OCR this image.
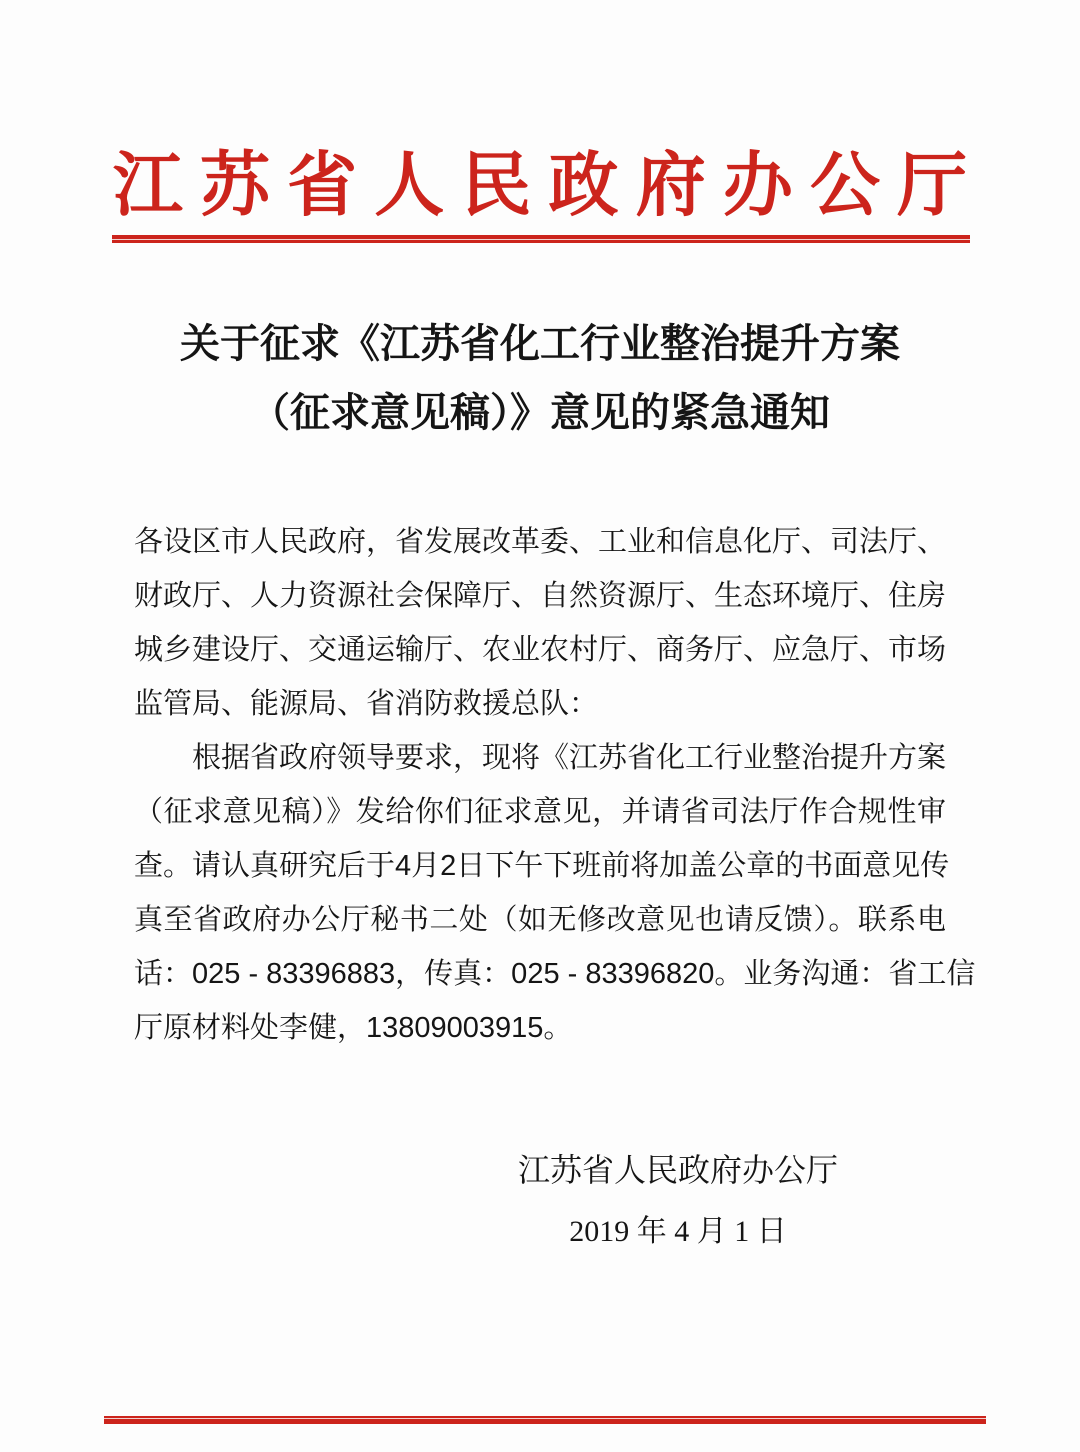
江苏省人民政府办公厅
关于征求《江苏省化工行业整治提升方案
（征求意见稿）》意见的紧急通知
各设区市人民政府，省发展改革委、工业和信息化厅、司法厅、
财政厅、人力资源社会保障厅、自然资源厅、生态环境厅、住房
城乡建设厅、交通运输厅、农业农村厅、商务厅、应急厅、市场
监管局、能源局、省消防救援总队：
根据省政府领导要求，现将《江苏省化工行业整治提升方案
（征求意见稿）》发给你们征求意见，并请省司法厅作合规性审
查。请认真研究后于4月2日下午下班前将加盖公章的书面意见传
真至省政府办公厅秘书二处（如无修改意见也请反馈）。联系电
话：025 - 83396883，传真：025 - 83396820。业务沟通：省工信
厅原材料处李健，13809003915。
江苏省人民政府办公厅
2019 年 4 月 1 日
